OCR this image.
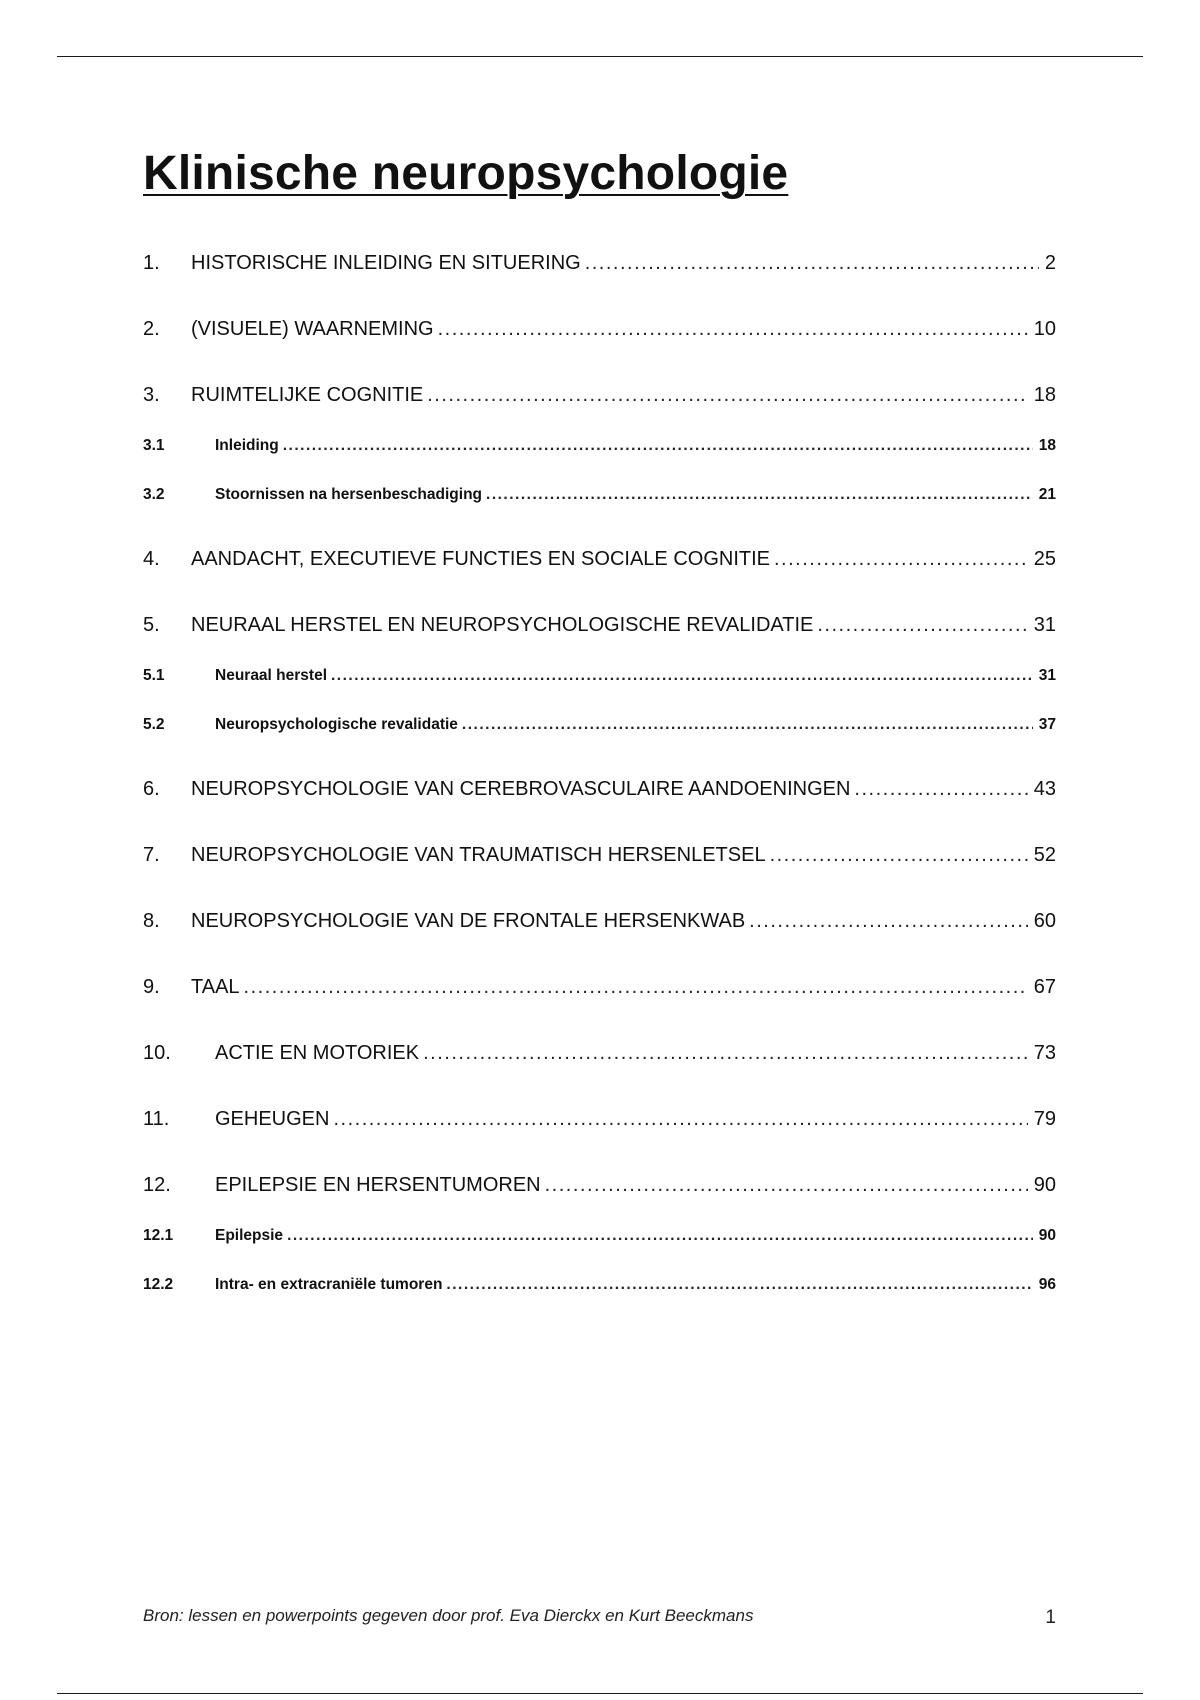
Klinische neuropsychologie
1.	HISTORISCHE INLEIDING EN SITUERING .....	2
2.	(VISUELE) WAARNEMING .....	10
3.	RUIMTELIJKE COGNITIE .....	18
3.1	Inleiding .....	18
3.2	Stoornissen na hersenbeschadiging .....	21
4.	AANDACHT, EXECUTIEVE FUNCTIES EN SOCIALE COGNITIE .....	25
5.	NEURAAL HERSTEL EN NEUROPSYCHOLOGISCHE REVALIDATIE .....	31
5.1	Neuraal herstel .....	31
5.2	Neuropsychologische revalidatie .....	37
6.	NEUROPSYCHOLOGIE VAN CEREBROVASCULAIRE AANDOENINGEN .....	43
7.	NEUROPSYCHOLOGIE VAN TRAUMATISCH HERSENLETSEL .....	52
8.	NEUROPSYCHOLOGIE VAN DE FRONTALE HERSENKWAB .....	60
9.	TAAL .....	67
10.	ACTIE EN MOTORIEK .....	73
11.	GEHEUGEN .....	79
12.	EPILEPSIE EN HERSENTUMOREN .....	90
12.1	Epilepsie .....	90
12.2	Intra- en extracraniële tumoren .....	96
Bron: lessen en powerpoints gegeven door prof. Eva Dierckx en Kurt Beeckmans	1
